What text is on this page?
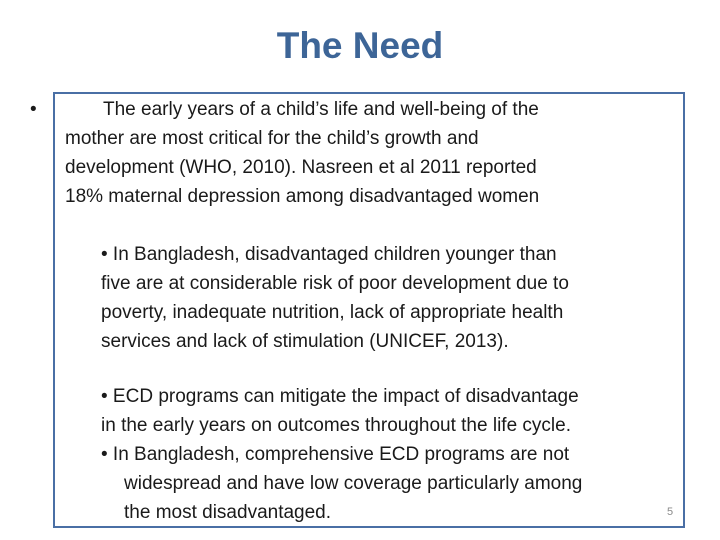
The Need
•	The early years of a child’s life and well-being of the
mother are most critical for the child’s growth and
development (WHO, 2010). Nasreen et al 2011 reported
18% maternal depression among disadvantaged women
• In Bangladesh, disadvantaged children younger than
five are at considerable risk of poor development due to
poverty, inadequate nutrition, lack of appropriate health
services and lack of stimulation (UNICEF, 2013).
• ECD programs can mitigate the impact of disadvantage
in the early years on outcomes throughout the life cycle.
• In Bangladesh, comprehensive ECD programs are not
widespread and have low coverage particularly among
the most disadvantaged.	5
